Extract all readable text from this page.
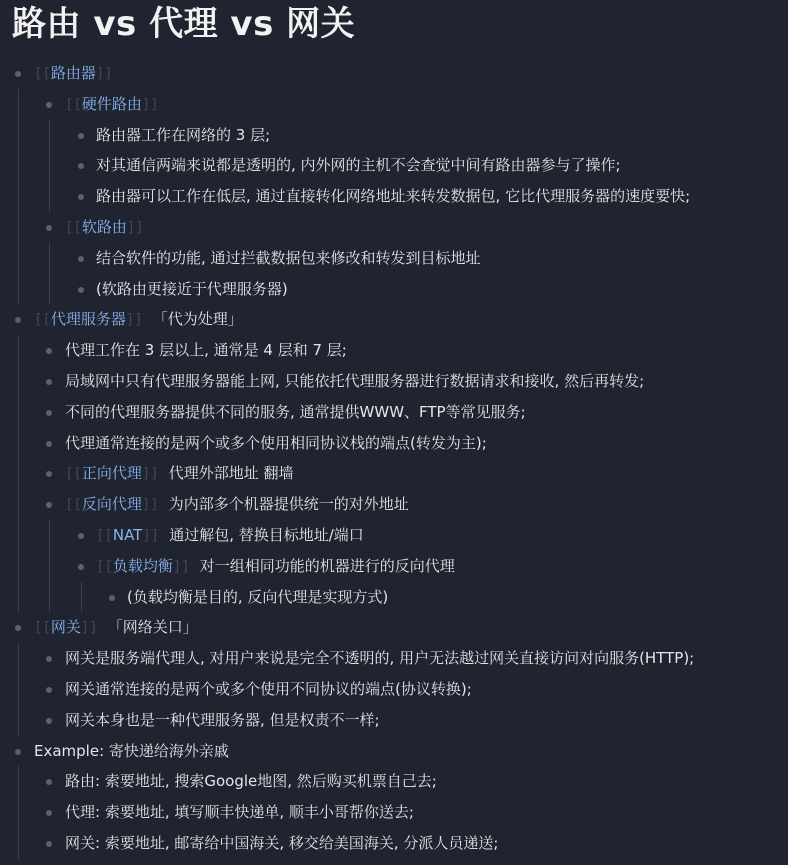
路由 vs 代理 vs 网关
[[路由器]]
[[硬件路由]]
路由器工作在网络的 3 层;
对其通信两端来说都是透明的, 内外网的主机不会查觉中间有路由器参与了操作;
路由器可以工作在低层, 通过直接转化网络地址来转发数据包, 它比代理服务器的速度要快;
[[软路由]]
结合软件的功能, 通过拦截数据包来修改和转发到目标地址
(软路由更接近于代理服务器)
[[代理服务器]] 「代为处理」
代理工作在 3 层以上, 通常是 4 层和 7 层;
局域网中只有代理服务器能上网, 只能依托代理服务器进行数据请求和接收, 然后再转发;
不同的代理服务器提供不同的服务, 通常提供WWW、FTP等常见服务;
代理通常连接的是两个或多个使用相同协议栈的端点(转发为主);
[[正向代理]] 代理外部地址 翻墙
[[反向代理]] 为内部多个机器提供统一的对外地址
[[NAT]] 通过解包, 替换目标地址/端口
[[负载均衡]] 对一组相同功能的机器进行的反向代理
(负载均衡是目的, 反向代理是实现方式)
[[网关]] 「网络关口」
网关是服务端代理人, 对用户来说是完全不透明的, 用户无法越过网关直接访问对向服务(HTTP);
网关通常连接的是两个或多个使用不同协议的端点(协议转换);
网关本身也是一种代理服务器, 但是权责不一样;
Example: 寄快递给海外亲戚
路由: 索要地址, 搜索Google地图, 然后购买机票自己去;
代理: 索要地址, 填写顺丰快递单, 顺丰小哥帮你送去;
网关: 索要地址, 邮寄给中国海关, 移交给美国海关, 分派人员递送;
